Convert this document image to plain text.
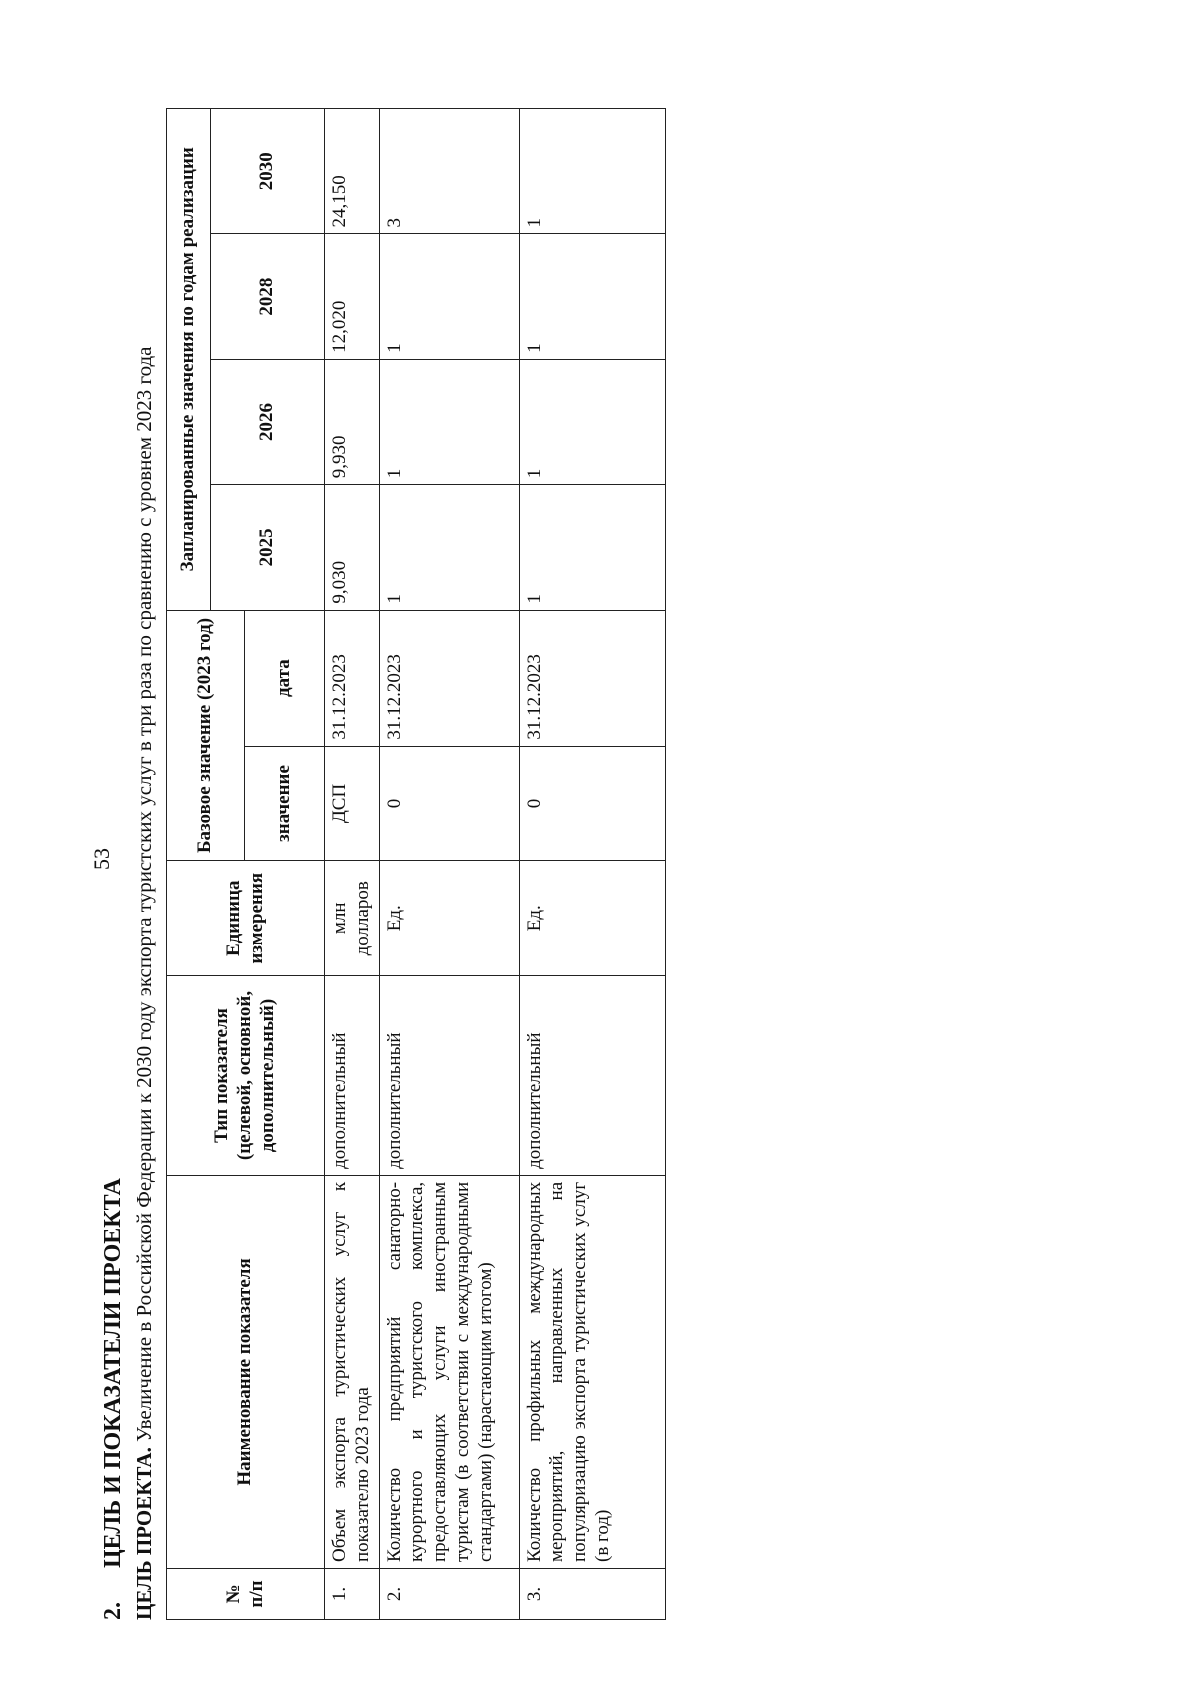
53
2.ЦЕЛЬ И ПОКАЗАТЕЛИ ПРОЕКТА ЦЕЛЬ ПРОЕКТА. Увеличение в Российской Федерации к 2030 году экспорта туристских услуг в три раза по сравнению с уровнем 2023 года
№ п/п	Наименование показателя	Тип показателя (целевой, основной, дополнительный)	Единица измерения	Базовое значение (2023 год)		Запланированные значения по годам реализации			
						2025	2026	2028	2030
				значение	дата				
1.	Объем экспорта туристических услуг к показателю 2023 года	дополнительный	млн долларов	ДСП	31.12.2023	9,030	9,930	12,020	24,150
2.	Количество предприятий санаторно-курортного и туристского комплекса, предоставляющих услуги иностранным туристам (в соответствии с международными стандартами) (нарастающим итогом)	дополнительный	Ед.	0	31.12.2023	1	1	1	3
3.	Количество профильных международных мероприятий, направленных на популяризацию экспорта туристических услуг (в год)	дополнительный	Ед.	0	31.12.2023	1	1	1	1
